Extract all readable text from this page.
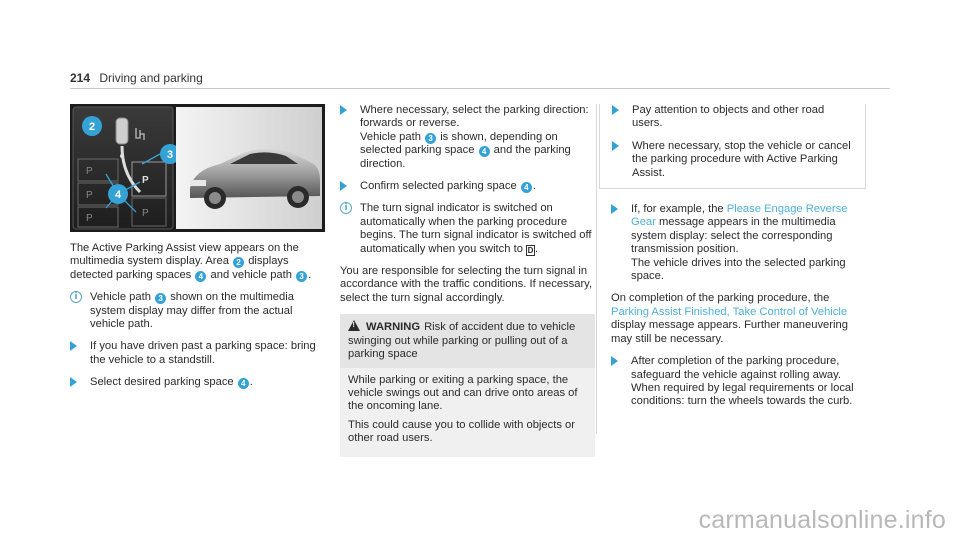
214 Driving and parking
P
P
P
P
P
2
3
4

The Active Parking Assist view appears on the multimedia system display. Area 2 displays detected parking spaces 4 and vehicle path 3 .

i	Vehicle path 3 shown on the multimedia system display may differ from the actual vehicle path.
If you have driven past a parking space: bring the vehicle to a standstill.
Select desired parking space 4 .
Where necessary, select the parking direction: forwards or reverse.
Vehicle path 3 is shown, depending on selected parking space 4 and the parking direction.
Confirm selected parking space 4 .
i	The turn signal indicator is switched on automatically when the parking procedure begins. The turn signal indicator is switched off automatically when you switch to D .

You are responsible for selecting the turn signal in accordance with the traffic conditions. If necessary, select the turn signal accordingly.

!WARNING Risk of accident due to vehicle swinging out while parking or pulling out of a parking space

While parking or exiting a parking space, the vehicle swings out and can drive onto areas of the oncoming lane.

This could cause you to collide with objects or other road users.

Pay attention to objects and other road users.
Where necessary, stop the vehicle or cancel the parking procedure with Active Parking Assist.
If, for example, the Please Engage Reverse Gear message appears in the multimedia system display: select the corresponding transmission position.
The vehicle drives into the selected parking space.

On completion of the parking procedure, the Parking Assist Finished, Take Control of Vehicle display message appears. Further maneuvering may still be necessary.

After completion of the parking procedure, safeguard the vehicle against rolling away. When required by legal requirements or local conditions: turn the wheels towards the curb.
carmanualsonline.info
